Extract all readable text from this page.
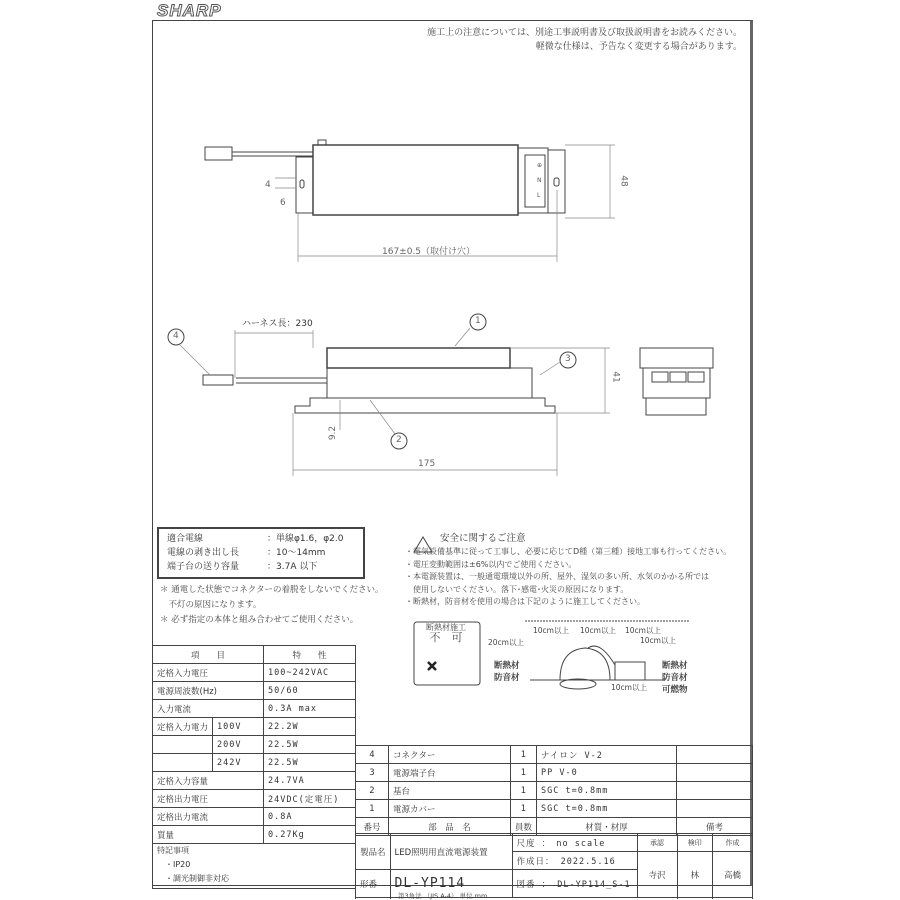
SHARP
施工上の注意については、別途工事説明書及び取扱説明書をお読みください。
軽微な仕様は、予告なく変更する場合があります。
48
4
6
167±0.5（取付け穴）
⊕
N
L
ハーネス長：230
41
9.2
175
1
2
3
4
適合電線	：単線φ1.6，φ2.0
電線の剥き出し長	：10〜14mm
端子台の送り容量	：3.7A 以下
＊ 通電した状態でコネクターの着脱をしないでください。
　不灯の原因になります。
＊ 必ず指定の本体と組み合わせてご使用ください。
安全に関するご注意
・電気設備基準に従って工事し、必要に応じてD種（第三種）接地工事も行ってください。
・電圧変動範囲は±6%以内でご使用ください。
・本電源装置は、一般通電環境以外の所、屋外、湿気の多い所、水気のかかる所では
　使用しないでください。落下･感電･火災の原因になります。
・断熱材，防音材を使用の場合は下記のように施工してください。
断熱材施工
不　可	20cm以上
10cm以上 10cm以上 10cm以上
10cm以上
10cm以上
断熱材
防音材
断熱材
防音材
可燃物
項　　目		特　　性
定格入力電圧		100~242VAC
電源周波数(Hz)		50/60
入力電流		0.3A max
定格入力電力	100V	22.2W
	200V	22.5W
	242V	22.5W
定格入力容量		24.7VA
定格出力電圧		24VDC(定電圧)
定格出力電流		0.8A
質量		0.27Kg

特記事項
・IP20
・調光制御非対応		
4	コネクター	1	ナイロン V-2	
3	電源端子台	1	PP V-0	
2	基台	1	SGC t=0.8mm	
1	電源カバー	1	SGC t=0.8mm	
番号	部　品　名	員数	材質・材厚	備考
製品名	LED照明用直流電源装置	尺度 ：　no scale	承認	検印	作成
		作成日： 2022.5.16	寺沢	林	高橋
形番	DL-YP114	図番 ： DL-YP114_S-1			

第3角法 （JIS A-4） 単位 mm
